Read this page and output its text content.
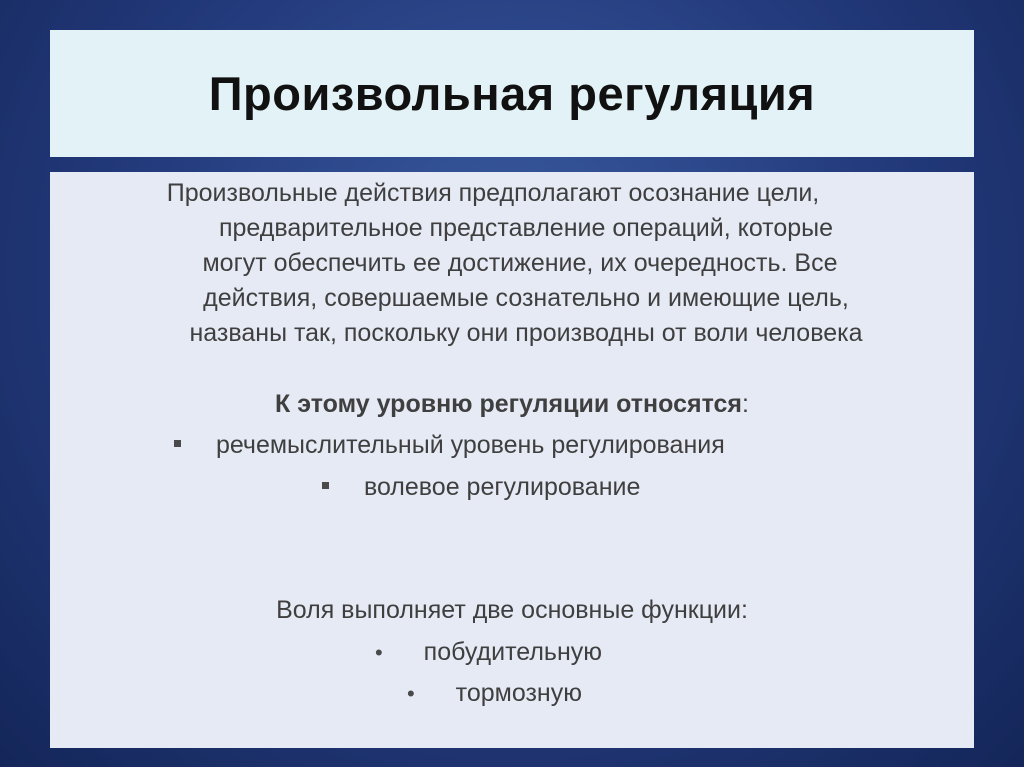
Произвольная регуляция
Произвольные действия предполагают осознание цели,
предварительное представление операций, которые
могут обеспечить ее достижение, их очередность. Все
действия, совершаемые сознательно и имеющие цель,
названы так, поскольку они производны от воли человека
К этому уровню регуляции относятся:
речемыслительный уровень регулирования
волевое регулирование
Воля выполняет две основные функции:
• побудительную
• тормозную
